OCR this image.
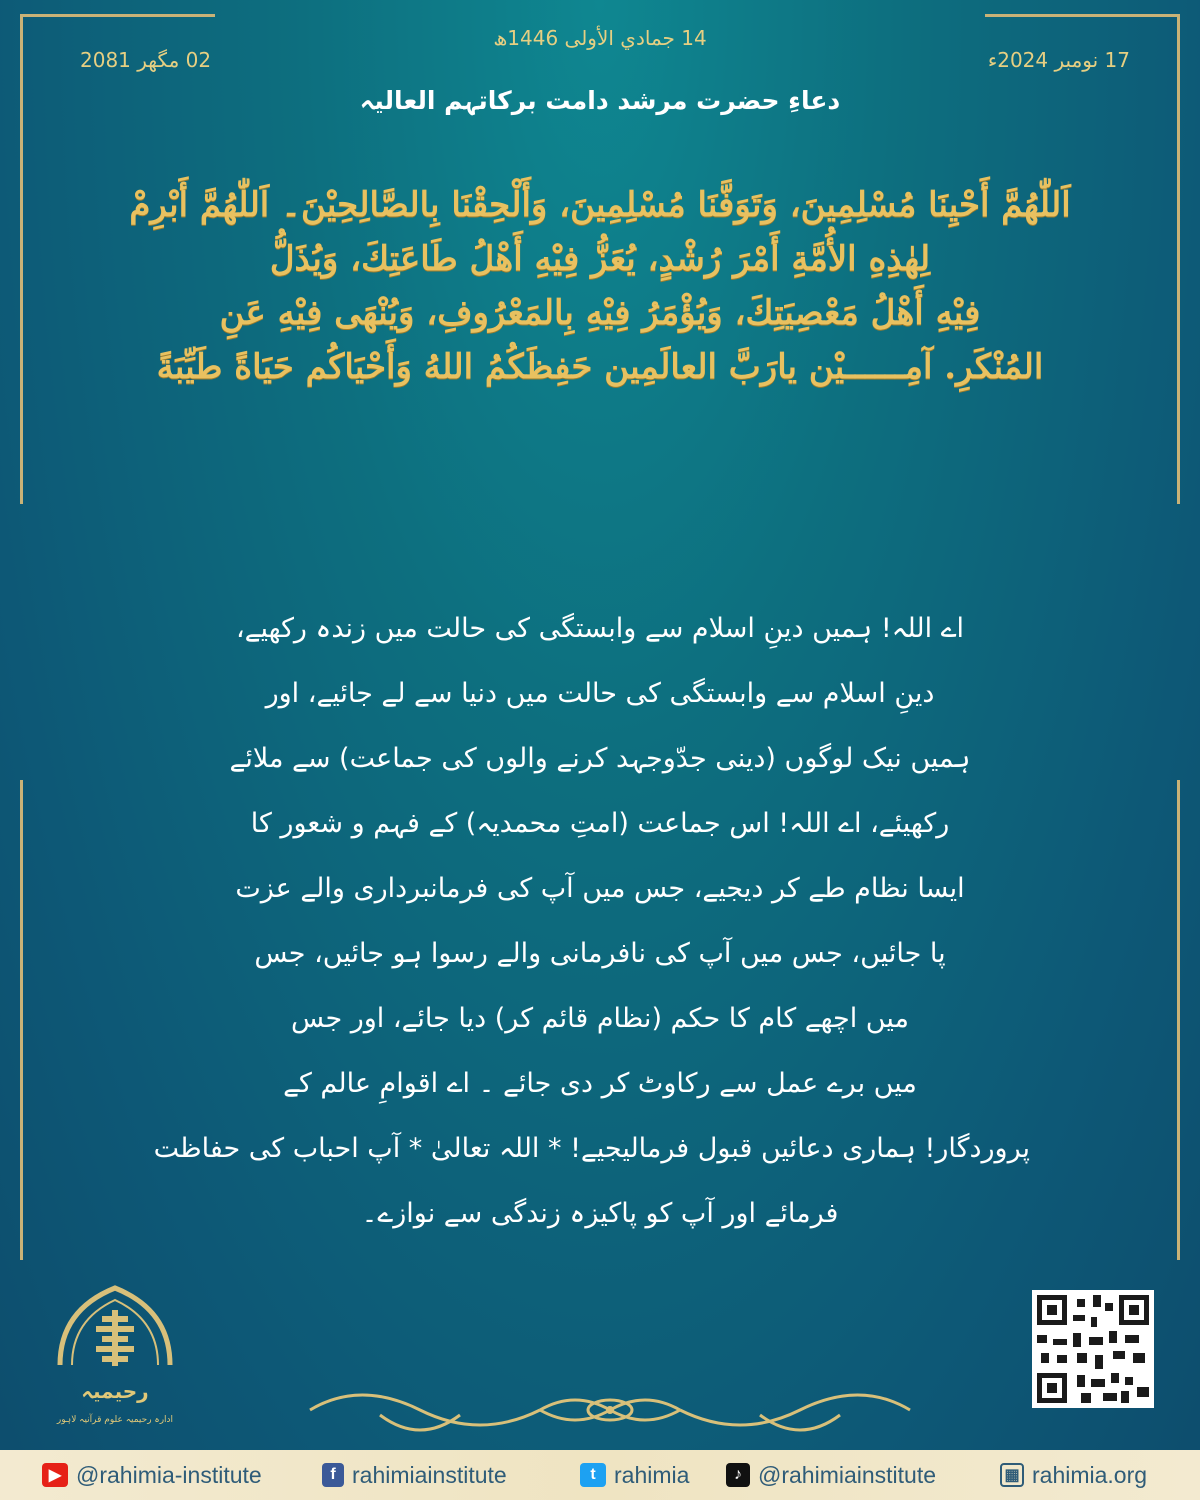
14 جمادي الأولى 1446ھ
17 نومبر 2024ء
02 مگھر 2081
دعاءِ حضرت مرشد دامت برکاتہم العالیہ
اَللّٰھُمَّ أَحْيِنَا مُسْلِمِينَ، وَتَوَفَّنَا مُسْلِمِينَ، وَأَلْحِقْنَا بِالصَّالِحِيْنَ۔ اَللّٰھُمَّ أَبْرِمْ
لِهٰذِهِ الأُمَّةِ أَمْرَ رُشْدٍ، يُعَزُّ فِيْهِ أَهْلُ طَاعَتِكَ، وَيُذَلُّ
فِيْهِ أَهْلُ مَعْصِيَتِكَ، وَيُؤْمَرُ فِيْهِ بِالمَعْرُوفِ، وَيُنْهَى فِيْهِ عَنِ
المُنْكَرِ. آمِــــــيْن يارَبَّ العالَمِين حَفِظَكُمُ اللهُ وَأَحْيَاكُم حَيَاةً طَيِّبَةً
اے اللہ! ہمیں دینِ اسلام سے وابستگی کی حالت میں زندہ رکھیے،
دینِ اسلام سے وابستگی کی حالت میں دنیا سے لے جائیے، اور
ہمیں نیک لوگوں (دینی جدّوجہد کرنے والوں کی جماعت) سے ملائے
رکھیئے، اے اللہ! اس جماعت (امتِ محمدیہ) کے فہم و شعور کا
ایسا نظام طے کر دیجیے، جس میں آپ کی فرمانبرداری والے عزت
پا جائیں، جس میں آپ کی نافرمانی والے رسوا ہو جائیں، جس
میں اچھے کام کا حکم (نظام قائم کر) دیا جائے، اور جس
میں برے عمل سے رکاوٹ کر دی جائے ۔ اے اقوامِ عالم کے
پروردگار! ہماری دعائیں قبول فرمالیجیے! * اللہ تعالیٰ * آپ احباب کی حفاظت
فرمائے اور آپ کو پاکیزہ زندگی سے نوازے۔
رحیمیہ
ادارہ رحیمیہ علوم قرآنیہ لاہور
▶ @rahimia-institute	f rahimiainstitute	t rahimia	♪ @rahimiainstitute	▦ rahimia.org
